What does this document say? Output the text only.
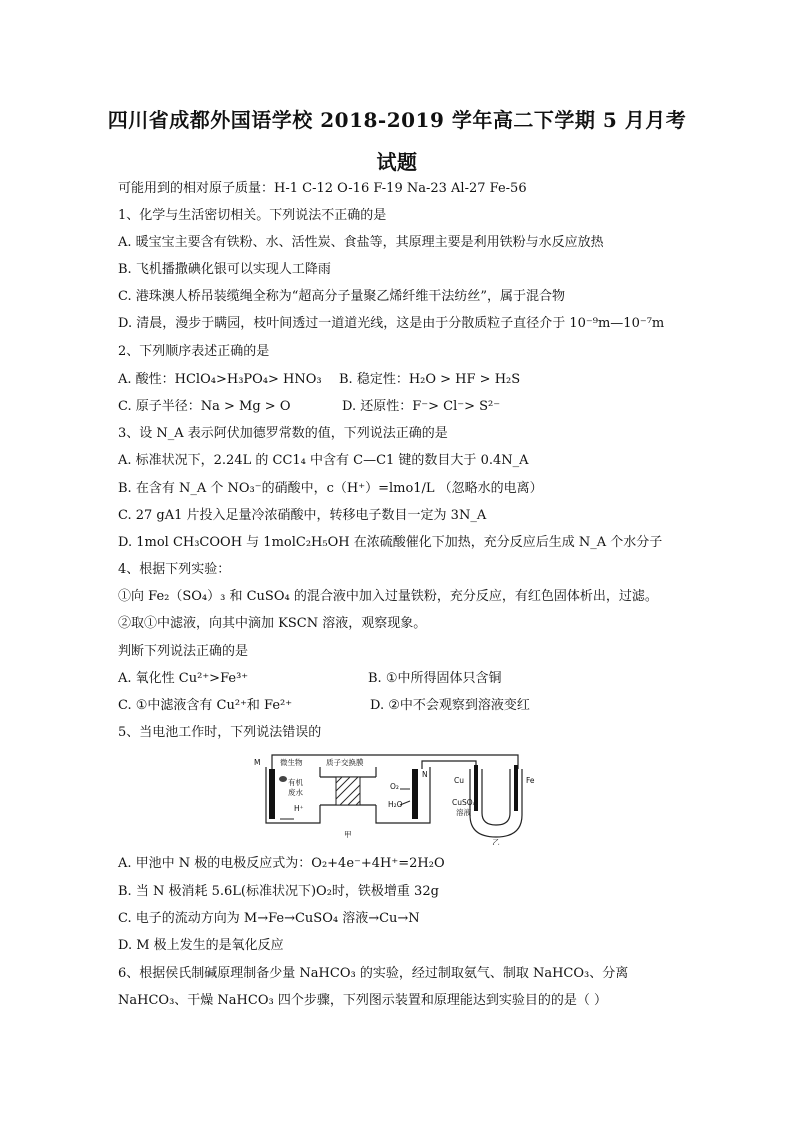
四川省成都外国语学校 2018-2019 学年高二下学期 5 月月考
试题
可能用到的相对原子质量：H-1 C-12 O-16 F-19 Na-23 Al-27 Fe-56
1、化学与生活密切相关。下列说法不正确的是
A. 暖宝宝主要含有铁粉、水、活性炭、食盐等，其原理主要是利用铁粉与水反应放热
B. 飞机播撒碘化银可以实现人工降雨
C. 港珠澳人桥吊装缆绳全称为“超高分子量聚乙烯纤维干法纺丝”，属于混合物
D. 清晨，漫步于瞒园，枝叶间透过一道道光线，这是由于分散质粒子直径介于 10⁻⁹m—10⁻⁷m
2、下列顺序表述正确的是
A. 酸性：HClO₄>H₃PO₄> HNO₃ B. 稳定性：H₂O > HF > H₂S
C. 原子半径：Na > Mg > O	D. 还原性：F⁻> Cl⁻> S²⁻
3、设 N_A 表示阿伏加德罗常数的值，下列说法正确的是
A. 标准状况下，2.24L 的 CC1₄ 中含有 C—C1 键的数目大于 0.4N_A
B. 在含有 N_A 个 NO₃⁻的硝酸中，c（H⁺）=lmo1/L （忽略水的电离）
C. 27 gA1 片投入足量冷浓硝酸中，转移电子数目一定为 3N_A
D. 1mol CH₃COOH 与 1molC₂H₅OH 在浓硫酸催化下加热，充分反应后生成 N_A 个水分子
4、根据下列实验：
①向 Fe₂（SO₄）₃ 和 CuSO₄ 的混合液中加入过量铁粉，充分反应，有红色固体析出，过滤。
②取①中滤液，向其中滴加 KSCN 溶液，观察现象。
判断下列说法正确的是
A. 氧化性 Cu²⁺>Fe³⁺	B. ①中所得固体只含铜
C. ①中滤液含有 Cu²⁺和 Fe²⁺	D. ②中不会观察到溶液变红
5、当电池工作时，下列说法错误的
M	微生物
有机
废水
H⁺
质子交换膜
O₂
H₂O
N
甲
Cu	Fe
CuSO₄
溶液
乙
A. 甲池中 N 极的电极反应式为：O₂+4e⁻+4H⁺=2H₂O
B. 当 N 极消耗 5.6L(标准状况下)O₂时，铁极增重 32g
C. 电子的流动方向为 M→Fe→CuSO₄ 溶液→Cu→N
D. M 极上发生的是氧化反应
6、根据侯氏制碱原理制备少量 NaHCO₃ 的实验，经过制取氨气、制取 NaHCO₃、分离
NaHCO₃、干燥 NaHCO₃ 四个步骤，下列图示装置和原理能达到实验目的的是（ ）
